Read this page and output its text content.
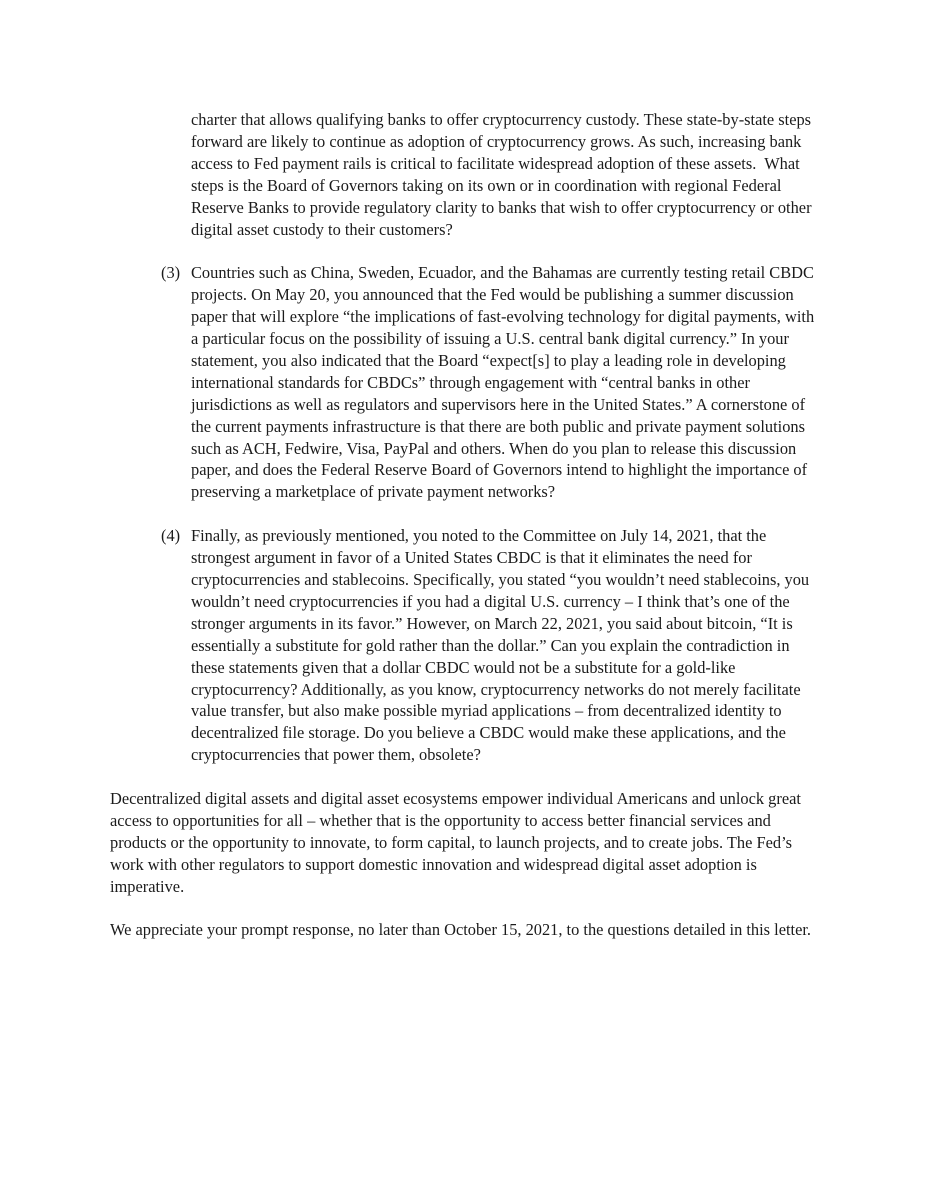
charter that allows qualifying banks to offer cryptocurrency custody. These state-by-state steps forward are likely to continue as adoption of cryptocurrency grows. As such, increasing bank access to Fed payment rails is critical to facilitate widespread adoption of these assets.  What steps is the Board of Governors taking on its own or in coordination with regional Federal Reserve Banks to provide regulatory clarity to banks that wish to offer cryptocurrency or other digital asset custody to their customers?

(3) Countries such as China, Sweden, Ecuador, and the Bahamas are currently testing retail CBDC projects. On May 20, you announced that the Fed would be publishing a summer discussion paper that will explore “the implications of fast-evolving technology for digital payments, with a particular focus on the possibility of issuing a U.S. central bank digital currency.” In your statement, you also indicated that the Board “expect[s] to play a leading role in developing international standards for CBDCs” through engagement with “central banks in other jurisdictions as well as regulators and supervisors here in the United States.” A cornerstone of the current payments infrastructure is that there are both public and private payment solutions such as ACH, Fedwire, Visa, PayPal and others. When do you plan to release this discussion paper, and does the Federal Reserve Board of Governors intend to highlight the importance of preserving a marketplace of private payment networks?

(4) Finally, as previously mentioned, you noted to the Committee on July 14, 2021, that the strongest argument in favor of a United States CBDC is that it eliminates the need for cryptocurrencies and stablecoins. Specifically, you stated “you wouldn’t need stablecoins, you wouldn’t need cryptocurrencies if you had a digital U.S. currency – I think that’s one of the stronger arguments in its favor.” However, on March 22, 2021, you said about bitcoin, “It is essentially a substitute for gold rather than the dollar.” Can you explain the contradiction in these statements given that a dollar CBDC would not be a substitute for a gold-like cryptocurrency? Additionally, as you know, cryptocurrency networks do not merely facilitate value transfer, but also make possible myriad applications – from decentralized identity to decentralized file storage. Do you believe a CBDC would make these applications, and the cryptocurrencies that power them, obsolete?

Decentralized digital assets and digital asset ecosystems empower individual Americans and unlock great access to opportunities for all – whether that is the opportunity to access better financial services and products or the opportunity to innovate, to form capital, to launch projects, and to create jobs. The Fed’s work with other regulators to support domestic innovation and widespread digital asset adoption is imperative.

We appreciate your prompt response, no later than October 15, 2021, to the questions detailed in this letter.
